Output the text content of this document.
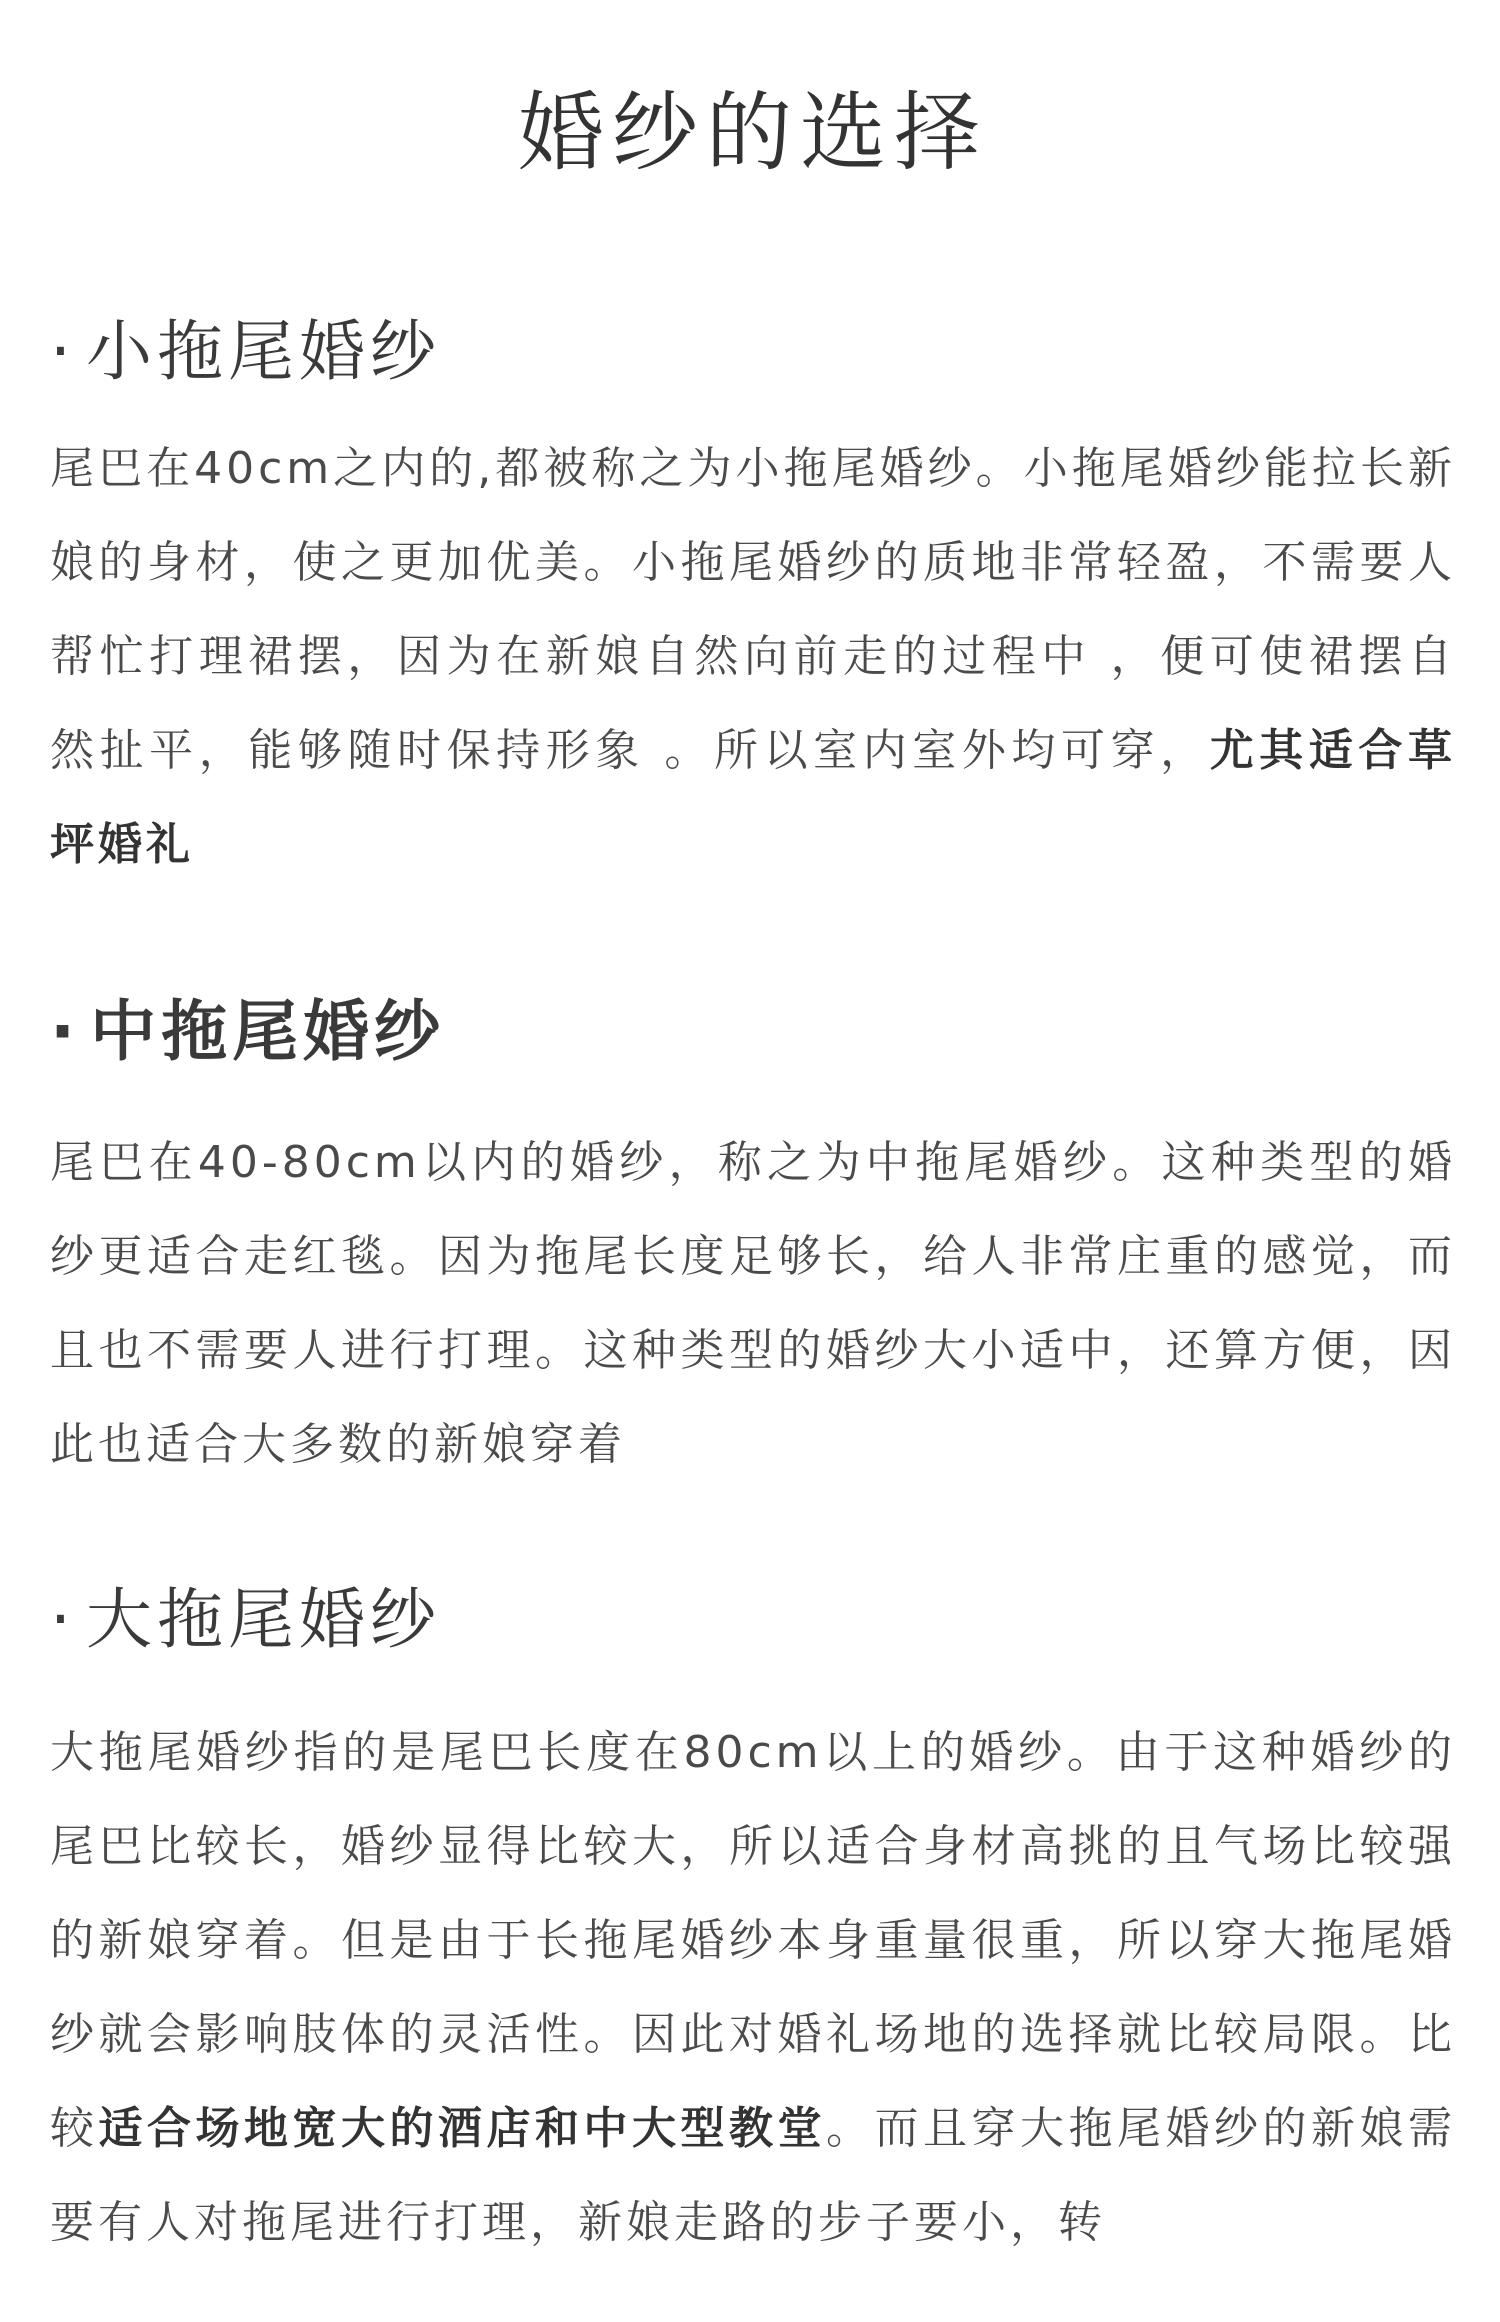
婚纱的选择
· 小拖尾婚纱

尾巴在40cm之内的,都被称之为小拖尾婚纱。小拖尾婚纱能拉长新娘的身材，使之更加优美。小拖尾婚纱的质地非常轻盈，不需要人帮忙打理裙摆，因为在新娘自然向前走的过程中 ，便可使裙摆自然扯平，能够随时保持形象 。所以室内室外均可穿，尤其适合草坪婚礼

· 中拖尾婚纱

尾巴在40-80cm以内的婚纱，称之为中拖尾婚纱。这种类型的婚纱更适合走红毯。因为拖尾长度足够长，给人非常庄重的感觉，而且也不需要人进行打理。这种类型的婚纱大小适中，还算方便，因此也适合大多数的新娘穿着

· 大拖尾婚纱

大拖尾婚纱指的是尾巴长度在80cm以上的婚纱。由于这种婚纱的尾巴比较长，婚纱显得比较大，所以适合身材高挑的且气场比较强的新娘穿着。但是由于长拖尾婚纱本身重量很重，所以穿大拖尾婚纱就会影响肢体的灵活性。因此对婚礼场地的选择就比较局限。比较适合场地宽大的酒店和中大型教堂。而且穿大拖尾婚纱的新娘需要有人对拖尾进行打理，新娘走路的步子要小，转
